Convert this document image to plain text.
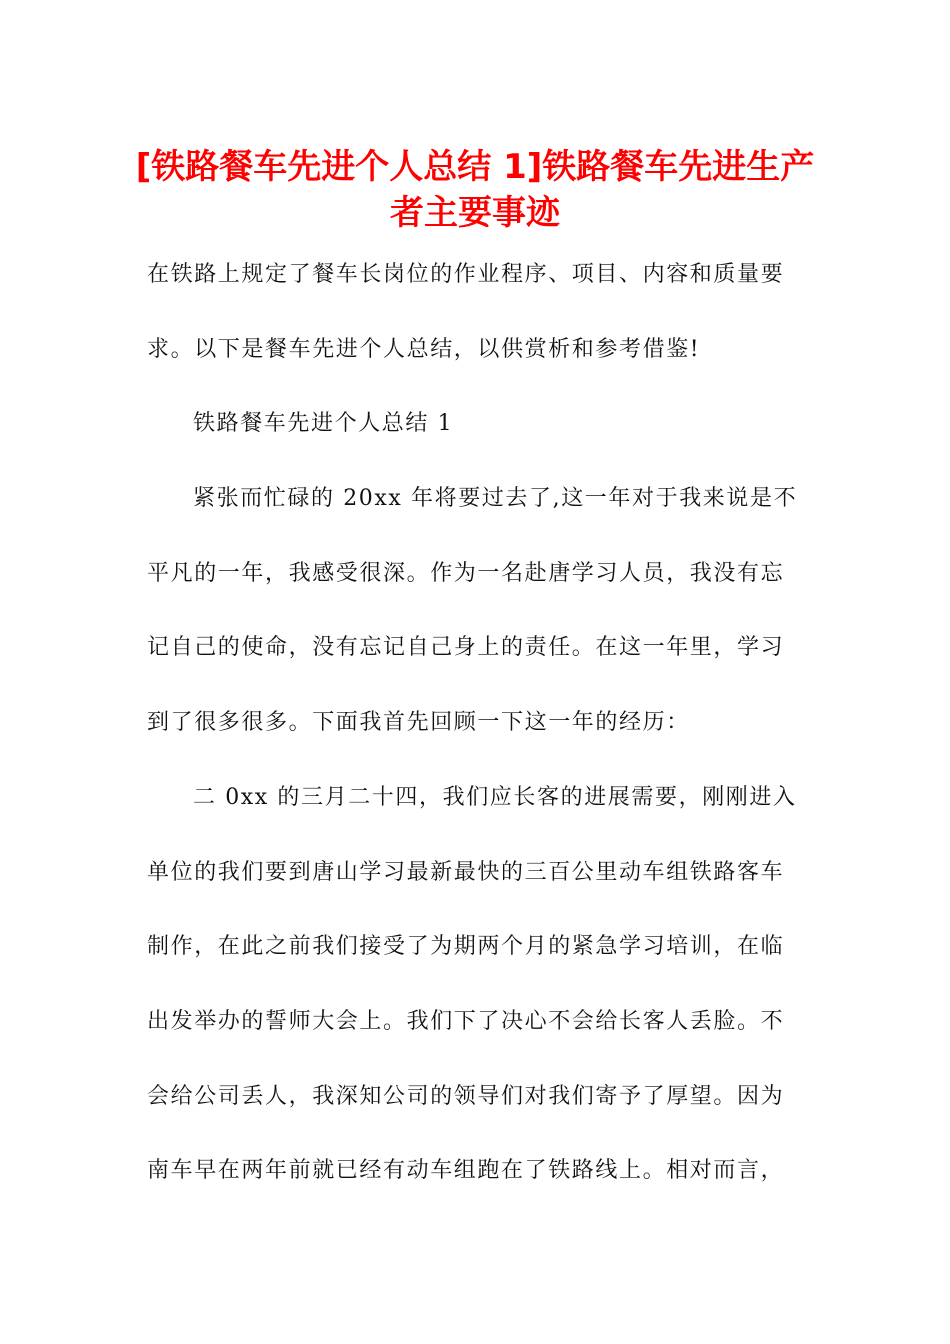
[铁路餐车先进个人总结 1]铁路餐车先进生产
者主要事迹
在铁路上规定了餐车长岗位的作业程序、项目、内容和质量要
求。以下是餐车先进个人总结，以供赏析和参考借鉴!
铁路餐车先进个人总结 1
紧张而忙碌的 20xx 年将要过去了,这一年对于我来说是不
平凡的一年，我感受很深。作为一名赴唐学习人员，我没有忘
记自己的使命，没有忘记自己身上的责任。在这一年里，学习
到了很多很多。下面我首先回顾一下这一年的经历：
二 0xx 的三月二十四，我们应长客的进展需要，刚刚进入
单位的我们要到唐山学习最新最快的三百公里动车组铁路客车
制作，在此之前我们接受了为期两个月的紧急学习培训，在临
出发举办的誓师大会上。我们下了决心不会给长客人丢脸。不
会给公司丢人，我深知公司的领导们对我们寄予了厚望。因为
南车早在两年前就已经有动车组跑在了铁路线上。相对而言，
